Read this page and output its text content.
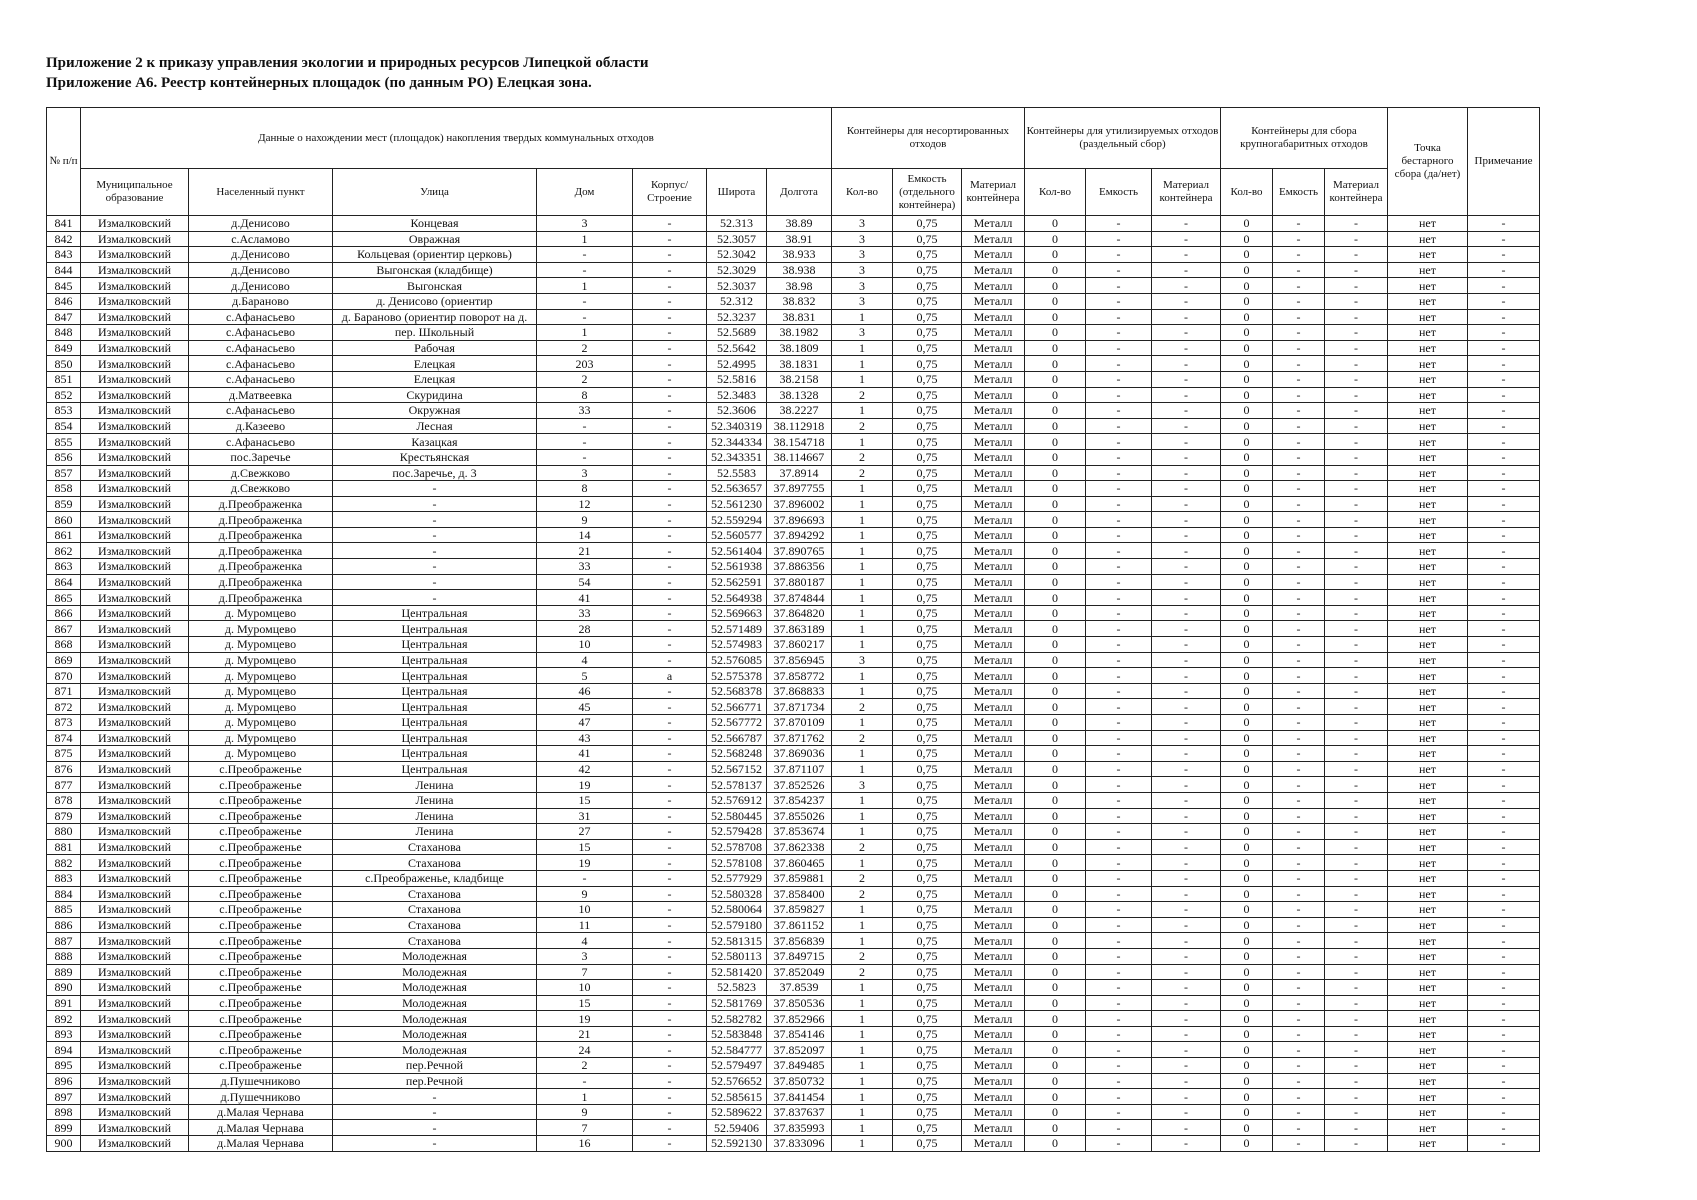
Приложение 2 к приказу управления экологии и природных ресурсов Липецкой области
Приложение А6. Реестр контейнерных площадок (по данным РО) Елецкая зона.
№ п/п	Данные о нахождении мест (площадок) накопления твердых коммунальных отходов							Контейнеры для несортированных отходов			Контейнеры для утилизируемых отходов (раздельный сбор)			Контейнеры для сбора крупногабаритных отходов			Точка бестарного сбора (да/нет)	Примечание
	Муниципальное образование	Населенный пункт	Улица	Дом	Корпус/ Строение	Широта	Долгота	Кол-во	Емкость (отдельного контейнера)	Материал контейнера	Кол-во	Емкость	Материал контейнера	Кол-во	Емкость	Материал контейнера		
841	Измалковский	д.Денисово	Концевая	3	-	52.313	38.89	3	0,75	Металл	0	-	-	0	-	-	нет	-
842	Измалковский	с.Асламово	Овражная	1	-	52.3057	38.91	3	0,75	Металл	0	-	-	0	-	-	нет	-
843	Измалковский	д.Денисово	Кольцевая (ориентир церковь)	-	-	52.3042	38.933	3	0,75	Металл	0	-	-	0	-	-	нет	-
844	Измалковский	д.Денисово	Выгонская (кладбище)	-	-	52.3029	38.938	3	0,75	Металл	0	-	-	0	-	-	нет	-
845	Измалковский	д.Денисово	Выгонская	1	-	52.3037	38.98	3	0,75	Металл	0	-	-	0	-	-	нет	-
846	Измалковский	д.Бараново	д. Денисово (ориентир	-	-	52.312	38.832	3	0,75	Металл	0	-	-	0	-	-	нет	-
847	Измалковский	с.Афанасьево	д. Бараново (ориентир поворот на д.	-	-	52.3237	38.831	1	0,75	Металл	0	-	-	0	-	-	нет	-
848	Измалковский	с.Афанасьево	пер. Школьный	1	-	52.5689	38.1982	3	0,75	Металл	0	-	-	0	-	-	нет	-
849	Измалковский	с.Афанасьево	Рабочая	2	-	52.5642	38.1809	1	0,75	Металл	0	-	-	0	-	-	нет	-
850	Измалковский	с.Афанасьево	Елецкая	203	-	52.4995	38.1831	1	0,75	Металл	0	-	-	0	-	-	нет	-
851	Измалковский	с.Афанасьево	Елецкая	2	-	52.5816	38.2158	1	0,75	Металл	0	-	-	0	-	-	нет	-
852	Измалковский	д.Матвеевка	Скуридина	8	-	52.3483	38.1328	2	0,75	Металл	0	-	-	0	-	-	нет	-
853	Измалковский	с.Афанасьево	Окружная	33	-	52.3606	38.2227	1	0,75	Металл	0	-	-	0	-	-	нет	-
854	Измалковский	д.Казеево	Лесная	-	-	52.340319	38.112918	2	0,75	Металл	0	-	-	0	-	-	нет	-
855	Измалковский	с.Афанасьево	Казацкая	-	-	52.344334	38.154718	1	0,75	Металл	0	-	-	0	-	-	нет	-
856	Измалковский	пос.Заречье	Крестьянская	-	-	52.343351	38.114667	2	0,75	Металл	0	-	-	0	-	-	нет	-
857	Измалковский	д.Свежково	пос.Заречье, д. 3	3	-	52.5583	37.8914	2	0,75	Металл	0	-	-	0	-	-	нет	-
858	Измалковский	д.Свежково	-	8	-	52.563657	37.897755	1	0,75	Металл	0	-	-	0	-	-	нет	-
859	Измалковский	д.Преображенка	-	12	-	52.561230	37.896002	1	0,75	Металл	0	-	-	0	-	-	нет	-
860	Измалковский	д.Преображенка	-	9	-	52.559294	37.896693	1	0,75	Металл	0	-	-	0	-	-	нет	-
861	Измалковский	д.Преображенка	-	14	-	52.560577	37.894292	1	0,75	Металл	0	-	-	0	-	-	нет	-
862	Измалковский	д.Преображенка	-	21	-	52.561404	37.890765	1	0,75	Металл	0	-	-	0	-	-	нет	-
863	Измалковский	д.Преображенка	-	33	-	52.561938	37.886356	1	0,75	Металл	0	-	-	0	-	-	нет	-
864	Измалковский	д.Преображенка	-	54	-	52.562591	37.880187	1	0,75	Металл	0	-	-	0	-	-	нет	-
865	Измалковский	д.Преображенка	-	41	-	52.564938	37.874844	1	0,75	Металл	0	-	-	0	-	-	нет	-
866	Измалковский	д. Муромцево	Центральная	33	-	52.569663	37.864820	1	0,75	Металл	0	-	-	0	-	-	нет	-
867	Измалковский	д. Муромцево	Центральная	28	-	52.571489	37.863189	1	0,75	Металл	0	-	-	0	-	-	нет	-
868	Измалковский	д. Муромцево	Центральная	10	-	52.574983	37.860217	1	0,75	Металл	0	-	-	0	-	-	нет	-
869	Измалковский	д. Муромцево	Центральная	4	-	52.576085	37.856945	3	0,75	Металл	0	-	-	0	-	-	нет	-
870	Измалковский	д. Муромцево	Центральная	5	а	52.575378	37.858772	1	0,75	Металл	0	-	-	0	-	-	нет	-
871	Измалковский	д. Муромцево	Центральная	46	-	52.568378	37.868833	1	0,75	Металл	0	-	-	0	-	-	нет	-
872	Измалковский	д. Муромцево	Центральная	45	-	52.566771	37.871734	2	0,75	Металл	0	-	-	0	-	-	нет	-
873	Измалковский	д. Муромцево	Центральная	47	-	52.567772	37.870109	1	0,75	Металл	0	-	-	0	-	-	нет	-
874	Измалковский	д. Муромцево	Центральная	43	-	52.566787	37.871762	2	0,75	Металл	0	-	-	0	-	-	нет	-
875	Измалковский	д. Муромцево	Центральная	41	-	52.568248	37.869036	1	0,75	Металл	0	-	-	0	-	-	нет	-
876	Измалковский	с.Преображенье	Центральная	42	-	52.567152	37.871107	1	0,75	Металл	0	-	-	0	-	-	нет	-
877	Измалковский	с.Преображенье	Ленина	19	-	52.578137	37.852526	3	0,75	Металл	0	-	-	0	-	-	нет	-
878	Измалковский	с.Преображенье	Ленина	15	-	52.576912	37.854237	1	0,75	Металл	0	-	-	0	-	-	нет	-
879	Измалковский	с.Преображенье	Ленина	31	-	52.580445	37.855026	1	0,75	Металл	0	-	-	0	-	-	нет	-
880	Измалковский	с.Преображенье	Ленина	27	-	52.579428	37.853674	1	0,75	Металл	0	-	-	0	-	-	нет	-
881	Измалковский	с.Преображенье	Стаханова	15	-	52.578708	37.862338	2	0,75	Металл	0	-	-	0	-	-	нет	-
882	Измалковский	с.Преображенье	Стаханова	19	-	52.578108	37.860465	1	0,75	Металл	0	-	-	0	-	-	нет	-
883	Измалковский	с.Преображенье	с.Преображенье, кладбище	-	-	52.577929	37.859881	2	0,75	Металл	0	-	-	0	-	-	нет	-
884	Измалковский	с.Преображенье	Стаханова	9	-	52.580328	37.858400	2	0,75	Металл	0	-	-	0	-	-	нет	-
885	Измалковский	с.Преображенье	Стаханова	10	-	52.580064	37.859827	1	0,75	Металл	0	-	-	0	-	-	нет	-
886	Измалковский	с.Преображенье	Стаханова	11	-	52.579180	37.861152	1	0,75	Металл	0	-	-	0	-	-	нет	-
887	Измалковский	с.Преображенье	Стаханова	4	-	52.581315	37.856839	1	0,75	Металл	0	-	-	0	-	-	нет	-
888	Измалковский	с.Преображенье	Молодежная	3	-	52.580113	37.849715	2	0,75	Металл	0	-	-	0	-	-	нет	-
889	Измалковский	с.Преображенье	Молодежная	7	-	52.581420	37.852049	2	0,75	Металл	0	-	-	0	-	-	нет	-
890	Измалковский	с.Преображенье	Молодежная	10	-	52.5823	37.8539	1	0,75	Металл	0	-	-	0	-	-	нет	-
891	Измалковский	с.Преображенье	Молодежная	15	-	52.581769	37.850536	1	0,75	Металл	0	-	-	0	-	-	нет	-
892	Измалковский	с.Преображенье	Молодежная	19	-	52.582782	37.852966	1	0,75	Металл	0	-	-	0	-	-	нет	-
893	Измалковский	с.Преображенье	Молодежная	21	-	52.583848	37.854146	1	0,75	Металл	0	-	-	0	-	-	нет	-
894	Измалковский	с.Преображенье	Молодежная	24	-	52.584777	37.852097	1	0,75	Металл	0	-	-	0	-	-	нет	-
895	Измалковский	с.Преображенье	пер.Речной	2	-	52.579497	37.849485	1	0,75	Металл	0	-	-	0	-	-	нет	-
896	Измалковский	д.Пушечниково	пер.Речной	-	-	52.576652	37.850732	1	0,75	Металл	0	-	-	0	-	-	нет	-
897	Измалковский	д.Пушечниково	-	1	-	52.585615	37.841454	1	0,75	Металл	0	-	-	0	-	-	нет	-
898	Измалковский	д.Малая Чернава	-	9	-	52.589622	37.837637	1	0,75	Металл	0	-	-	0	-	-	нет	-
899	Измалковский	д.Малая Чернава	-	7	-	52.59406	37.835993	1	0,75	Металл	0	-	-	0	-	-	нет	-
900	Измалковский	д.Малая Чернава	-	16	-	52.592130	37.833096	1	0,75	Металл	0	-	-	0	-	-	нет	-
